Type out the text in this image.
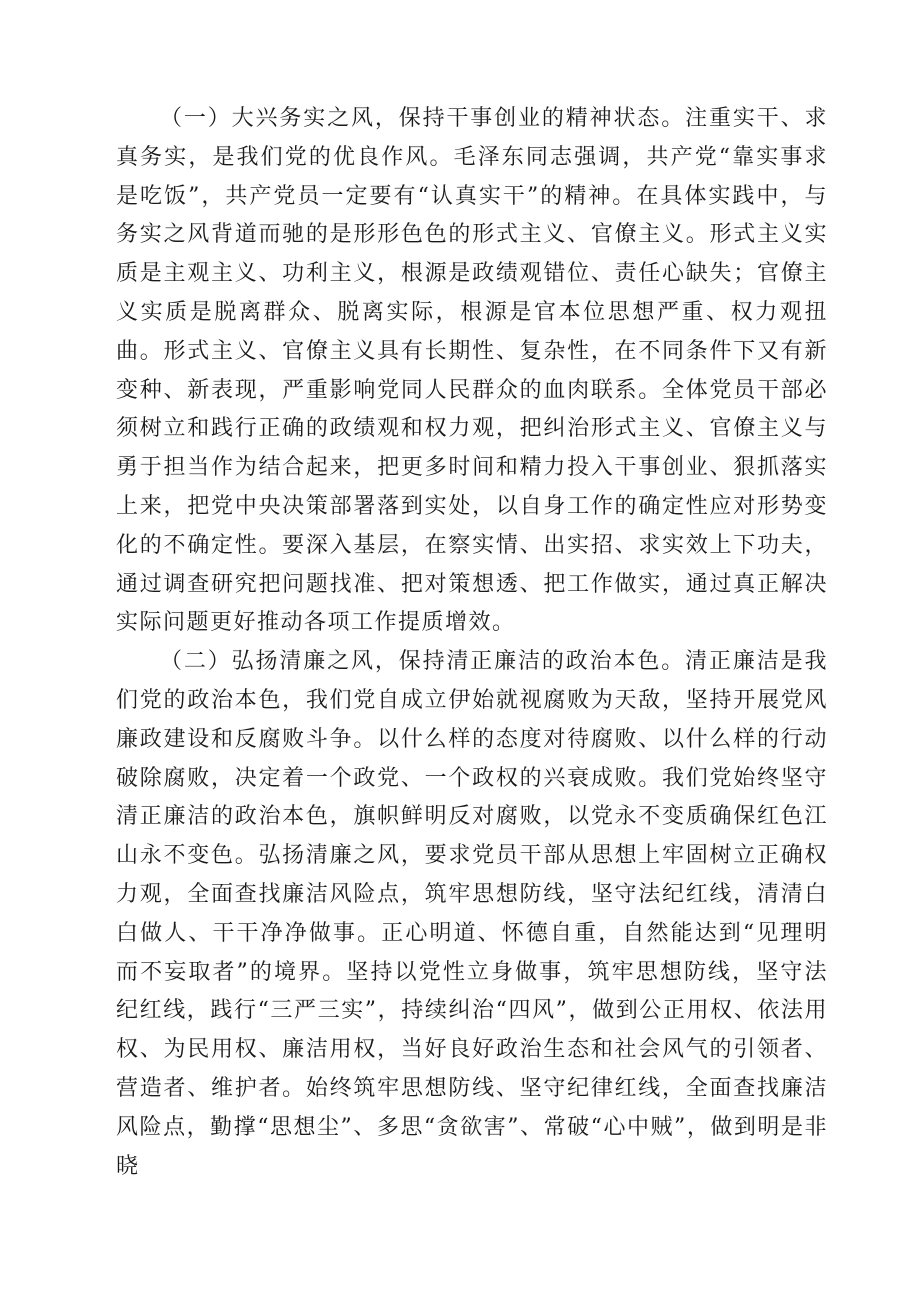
（一）大兴务实之风，保持干事创业的精神状态。注重实干、求真务实，是我们党的优良作风。毛泽东同志强调，共产党“靠实事求是吃饭”，共产党员一定要有“认真实干”的精神。在具体实践中，与务实之风背道而驰的是形形色色的形式主义、官僚主义。形式主义实质是主观主义、功利主义，根源是政绩观错位、责任心缺失；官僚主义实质是脱离群众、脱离实际，根源是官本位思想严重、权力观扭曲。形式主义、官僚主义具有长期性、复杂性，在不同条件下又有新变种、新表现，严重影响党同人民群众的血肉联系。全体党员干部必须树立和践行正确的政绩观和权力观，把纠治形式主义、官僚主义与勇于担当作为结合起来，把更多时间和精力投入干事创业、狠抓落实上来，把党中央决策部署落到实处，以自身工作的确定性应对形势变化的不确定性。要深入基层，在察实情、出实招、求实效上下功夫，通过调查研究把问题找准、把对策想透、把工作做实，通过真正解决实际问题更好推动各项工作提质增效。

（二）弘扬清廉之风，保持清正廉洁的政治本色。清正廉洁是我们党的政治本色，我们党自成立伊始就视腐败为天敌，坚持开展党风廉政建设和反腐败斗争。以什么样的态度对待腐败、以什么样的行动破除腐败，决定着一个政党、一个政权的兴衰成败。我们党始终坚守清正廉洁的政治本色，旗帜鲜明反对腐败，以党永不变质确保红色江山永不变色。弘扬清廉之风，要求党员干部从思想上牢固树立正确权力观，全面查找廉洁风险点，筑牢思想防线，坚守法纪红线，清清白白做人、干干净净做事。正心明道、怀德自重，自然能达到“见理明而不妄取者”的境界。坚持以党性立身做事，筑牢思想防线，坚守法纪红线，践行“三严三实”，持续纠治“四风”，做到公正用权、依法用权、为民用权、廉洁用权，当好良好政治生态和社会风气的引领者、营造者、维护者。始终筑牢思想防线、坚守纪律红线，全面查找廉洁风险点，勤撑“思想尘”、多思“贪欲害”、常破“心中贼”，做到明是非晓
